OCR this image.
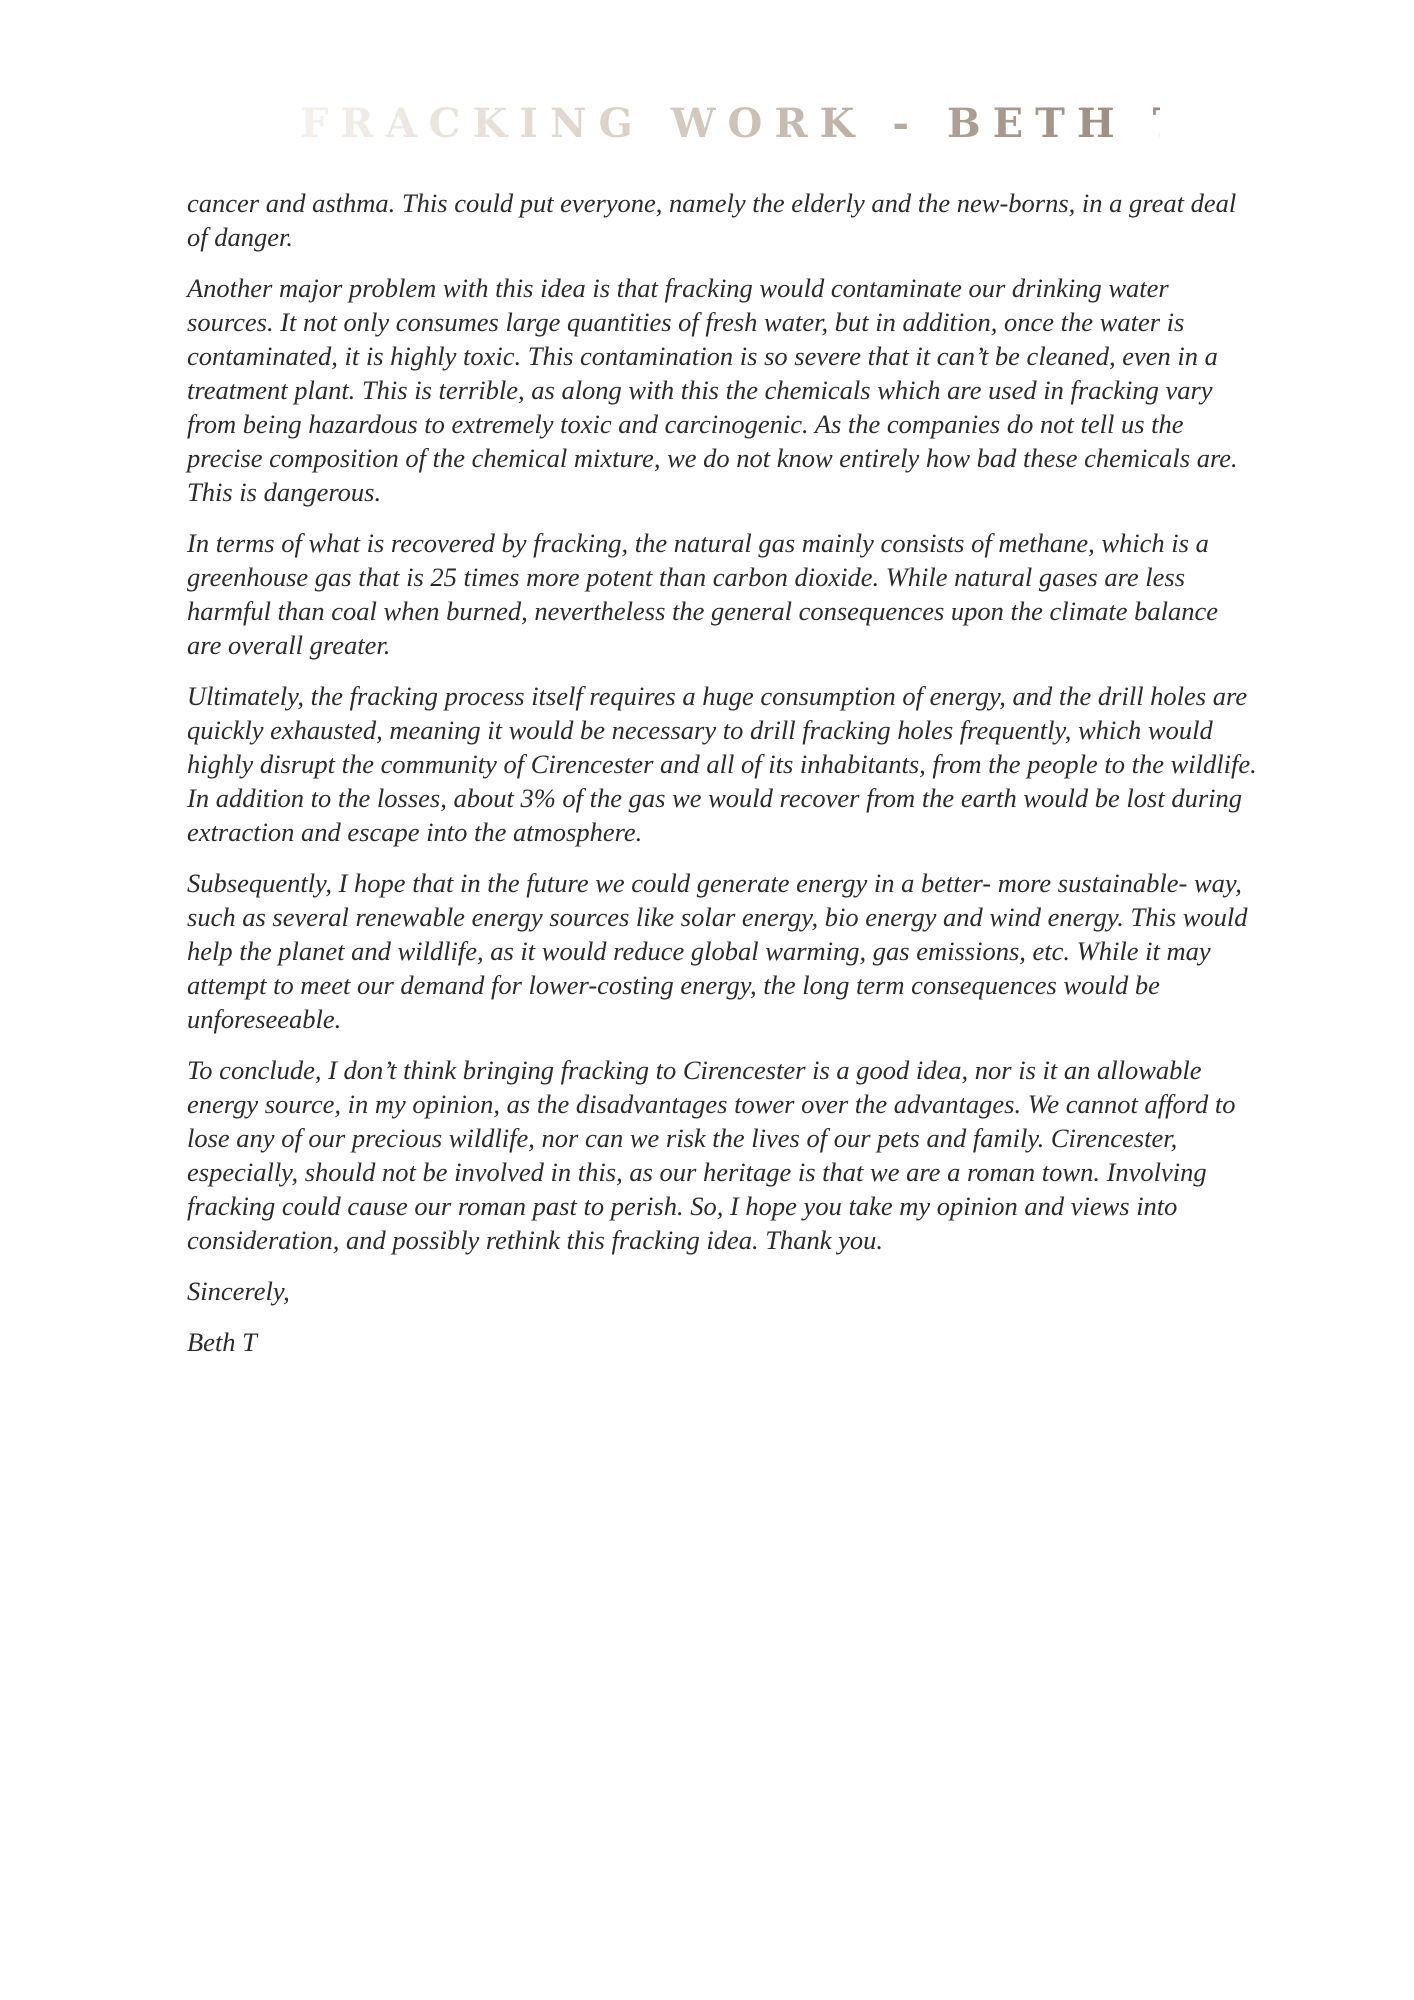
FRACKING WORK - BETH T

cancer and asthma. This could put everyone, namely the elderly and the new-borns, in a great deal of danger.

Another major problem with this idea is that fracking would contaminate our drinking water sources. It not only consumes large quantities of fresh water, but in addition, once the water is contaminated, it is highly toxic. This contamination is so severe that it can’t be cleaned, even in a treatment plant. This is terrible, as along with this the chemicals which are used in fracking vary from being hazardous to extremely toxic and carcinogenic. As the companies do not tell us the precise composition of the chemical mixture, we do not know entirely how bad these chemicals are. This is dangerous.

In terms of what is recovered by fracking, the natural gas mainly consists of methane, which is a greenhouse gas that is 25 times more potent than carbon dioxide. While natural gases are less harmful than coal when burned, nevertheless the general consequences upon the climate balance are overall greater.

Ultimately, the fracking process itself requires a huge consumption of energy, and the drill holes are quickly exhausted, meaning it would be necessary to drill fracking holes frequently, which would highly disrupt the community of Cirencester and all of its inhabitants, from the people to the wildlife. In addition to the losses, about 3% of the gas we would recover from the earth would be lost during extraction and escape into the atmosphere.

Subsequently, I hope that in the future we could generate energy in a better- more sustainable- way, such as several renewable energy sources like solar energy, bio energy and wind energy. This would help the planet and wildlife, as it would reduce global warming, gas emissions, etc. While it may attempt to meet our demand for lower-costing energy, the long term consequences would be unforeseeable.

To conclude, I don’t think bringing fracking to Cirencester is a good idea, nor is it an allowable energy source, in my opinion, as the disadvantages tower over the advantages. We cannot afford to lose any of our precious wildlife, nor can we risk the lives of our pets and family. Cirencester, especially, should not be involved in this, as our heritage is that we are a roman town. Involving fracking could cause our roman past to perish. So, I hope you take my opinion and views into consideration, and possibly rethink this fracking idea. Thank you.

Sincerely,

Beth T
